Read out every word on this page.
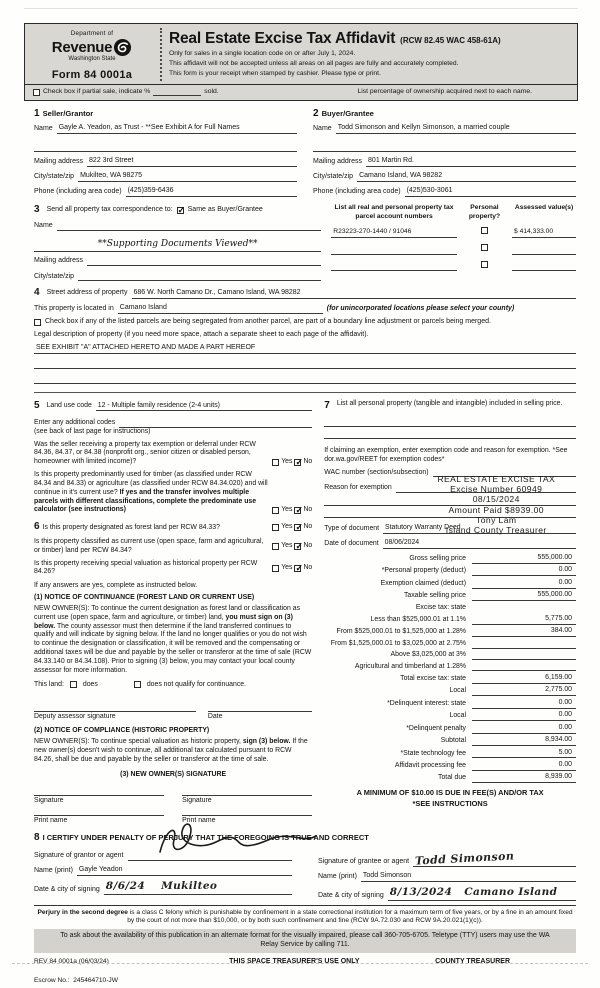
Department of
Revenue
Washington State
Form 84 0001a
Real Estate Excise Tax Affidavit (RCW 82.45 WAC 458-61A)
Only for sales in a single location code on or after July 1, 2024.
This affidavit will not be accepted unless all areas on all pages are fully and accurately completed.
This form is your receipt when stamped by cashier. Please type or print.
Check box if partial sale, indicate %	sold.	List percentage of ownership acquired next to each name.
1 Seller/Grantor
Name Gayle A. Yeadon, as Trust - **See Exhibit A for Full Names
Mailing address 822 3rd Street
City/state/zip Mukilteo, WA 98275
Phone (including area code) (425)359-6436
2 Buyer/Grantee
Name Todd Simonson and Kellyn Simonson, a married couple
Mailing address 801 Martin Rd.
City/state/zip Camano Island, WA 98282
Phone (including area code) (425)530-3061
3 Send all property tax correspondence to: ✓ Same as Buyer/Grantee
Name
**Supporting Documents Viewed**
Mailing address
City/state/zip
List all real and personal property tax parcel account numbers
Personal property?
Assessed value(s)
R23223-270-1440 / 91046	$ 414,333.00
4 Street address of property 686 W. North Camano Dr., Camano Island, WA 98282
This property is located in Camano Island	(for unincorporated locations please select your county)
Check box if any of the listed parcels are being segregated from another parcel, are part of a boundary line adjustment or parcels being merged.
Legal description of property (if you need more space, attach a separate sheet to each page of the affidavit).
SEE EXHIBIT "A" ATTACHED HERETO AND MADE A PART HEREOF
5 Land use code 12 - Multiple family residence (2-4 units)
Enter any additional codes
(see back of last page for instructions)
Was the seller receiving a property tax exemption or deferral under RCW 84.36, 84.37, or 84.38 (nonprofit org., senior citizen or disabled person, homeowner with limited income)?	Yes ✓ No
Is this property predominantly used for timber (as classified under RCW 84.34 and 84.33) or agriculture (as classified under RCW 84.34.020) and will continue in it's current use? If yes and the transfer involves multiple parcels with different classifications, complete the predominate use calculator (see instructions)	Yes ✓ No
6 Is this property designated as forest land per RCW 84.33?	Yes ✓ No
Is this property classified as current use (open space, farm and agricultural, or timber) land per RCW 84.34?
Yes ✓ No
Is this property receiving special valuation as historical property per RCW 84.26?
Yes ✓ No
If any answers are yes, complete as instructed below.
(1) NOTICE OF CONTINUANCE (FOREST LAND OR CURRENT USE)
NEW OWNER(S): To continue the current designation as forest land or classification as current use (open space, farm and agriculture, or timber) land, you must sign on (3) below. The county assessor must then determine if the land transferred continues to qualify and will indicate by signing below. If the land no longer qualifies or you do not wish to continue the designation or classification, it will be removed and the compensating or additional taxes will be due and payable by the seller or transferor at the time of sale (RCW 84.33.140 or 84.34.108). Prior to signing (3) below, you may contact your local county assessor for more information.
This land:	does	does not qualify for continuance.
Deputy assessor signature	Date
(2) NOTICE OF COMPLIANCE (HISTORIC PROPERTY)
NEW OWNER(S): To continue special valuation as historic property, sign (3) below. If the new owner(s) doesn't wish to continue, all additional tax calculated pursuant to RCW 84.26, shall be due and payable by the seller or transferor at the time of sale.
(3) NEW OWNER(S) SIGNATURE
Signature	Signature
Print name	Print name
7 List all personal property (tangible and intangible) included in selling price.
If claiming an exemption, enter exemption code and reason for exemption. *See dor.wa.gov/REET for exemption codes*
WAC number (section/subsection)
Reason for exemption
REAL ESTATE EXCISE TAX
Excise Number 60949
08/15/2024
Amount Paid $8939.00
Tony Lam
Island County Treasurer
Type of document Statutory Warranty Deed
Date of document 08/06/2024
Gross selling price	555,000.00
*Personal property (deduct)	0.00
Exemption claimed (deduct)	0.00
Taxable selling price	555,000.00
Excise tax: state
Less than $525,000.01 at 1.1%	5,775.00
From $525,000.01 to $1,525,000 at 1.28%	384.00
From $1,525,000.01 to $3,025,000 at 2.75%
Above $3,025,000 at 3%
Agricultural and timberland at 1.28%
Total excise tax: state	6,159.00
Local	2,775.00
*Delinquent interest: state	0.00
Local	0.00
*Delinquent penalty	0.00
Subtotal	8,934.00
*State technology fee	5.00
Affidavit processing fee	0.00
Total due	8,939.00
A MINIMUM OF $10.00 IS DUE IN FEE(S) AND/OR TAX
*SEE INSTRUCTIONS
8 I CERTIFY UNDER PENALTY OF PERJURY THAT THE FOREGOING IS TRUE AND CORRECT
Signature of grantor or agent
Name (print) Gayle Yeadon
Date & city of signing 8/6/24 Mukilteo
Signature of grantee or agent Todd Simonson
Name (print) Todd Simonson
Date & city of signing 8/13/2024 Camano Island
Perjury in the second degree is a class C felony which is punishable by confinement in a state correctional institution for a maximum term of five years, or by a fine in an amount fixed by the court of not more than $10,000, or by both such confinement and fine (RCW 9A.72.030 and RCW 9A.20.021(1)(c)).
To ask about the availability of this publication in an alternate format for the visually impaired, please call 360-705-6705. Teletype (TTY) users may use the WA Relay Service by calling 711.
REV 84 0001a (06/03/24)	THIS SPACE TREASURER'S USE ONLY	COUNTY TREASURER
Escrow No.: 245464710-JW
